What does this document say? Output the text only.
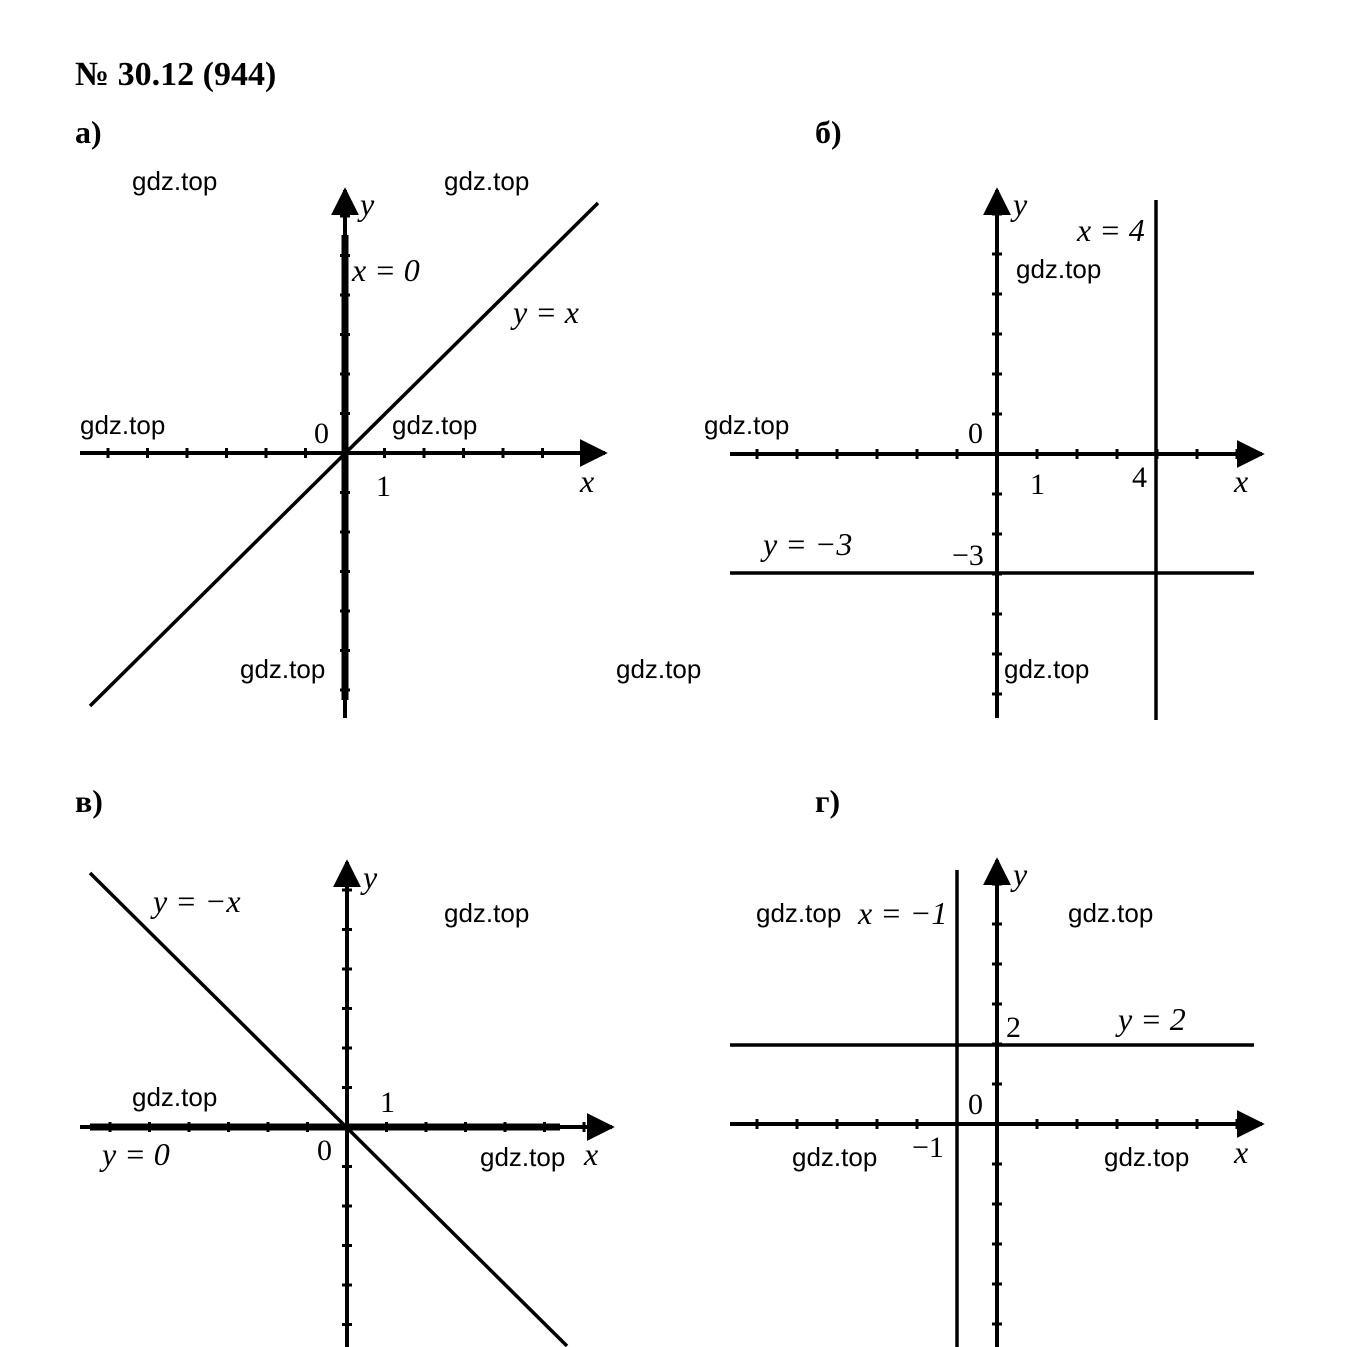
№ 30.12 (944)
а)
y
x
0
1
x = 0
y = x
gdz.top	gdz.top
gdz.top	gdz.top
gdz.top
б)
y
x
0
1	4
−3
x = 4
y = −3
gdz.top
gdz.top
gdz.top	gdz.top
в)
y
x
0
1
y = −x
y = 0
gdz.top
gdz.top
gdz.top
г)
y
x
0
2
−1
x = −1
y = 2
gdz.top	gdz.top
gdz.top	gdz.top
